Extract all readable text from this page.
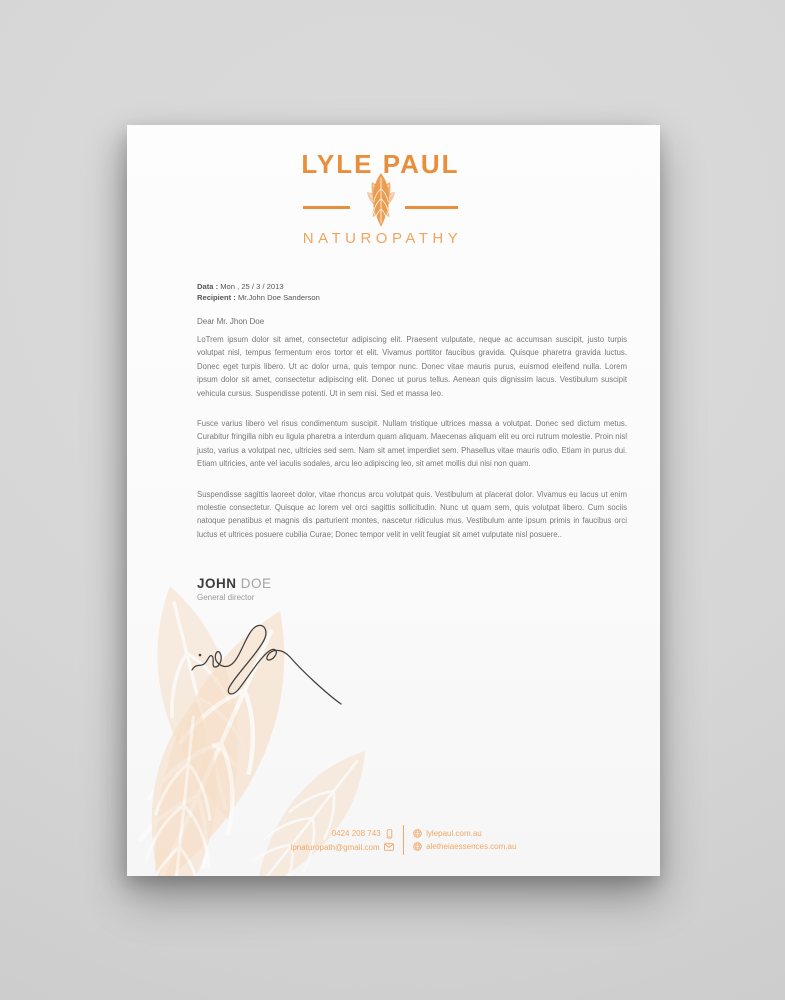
LYLE PAUL
NATUROPATHY
Data : Mon , 25 / 3 / 2013
Recipient : Mr.John Doe Sanderson
Dear Mr. Jhon Doe

LoTrem ipsum dolor sit amet, consectetur adipiscing elit. Praesent vulputate, neque ac accumsan suscipit, justo turpis volutpat nisl, tempus fermentum eros tortor et elit. Vivamus porttitor faucibus gravida. Quisque pharetra gravida luctus. Donec eget turpis libero. Ut ac dolor urna, quis tempor nunc. Donec vitae mauris purus, euismod eleifend nulla. Lorem ipsum dolor sit amet, consectetur adipiscing elit. Donec ut purus tellus. Aenean quis dignissim lacus. Vestibulum suscipit vehicula cursus. Suspendisse potenti. Ut in sem nisi. Sed et massa leo.

Fusce varius libero vel risus condimentum suscipit. Nullam tristique ultrices massa a volutpat. Donec sed dictum metus. Curabitur fringilla nibh eu ligula pharetra a interdum quam aliquam. Maecenas aliquam elit eu orci rutrum molestie. Proin nisl justo, varius a volutpat nec, ultricies sed sem. Nam sit amet imperdiet sem. Phasellus vitae mauris odio. Etiam in purus dui. Etiam ultricies, ante vel iaculis sodales, arcu leo adipiscing leo, sit amet mollis dui nisi non quam.

Suspendisse sagittis laoreet dolor, vitae rhoncus arcu volutpat quis. Vestibulum at placerat dolor. Vivamus eu lacus ut enim molestie consectetur. Quisque ac lorem vel orci sagittis sollicitudin. Nunc ut quam sem, quis volutpat libero. Cum sociis natoque penatibus et magnis dis parturient montes, nascetur ridiculus mus. Vestibulum ante ipsum primis in faucibus orci luctus et ultrices posuere cubilia Curae; Donec tempor velit in velit feugiat sit amet vulputate nisl posuere..

JOHN DOE
General director
0424 208 743
lpnaturopath@gmail.com
lylepaul.com.au
aletheiaessences.com.au
